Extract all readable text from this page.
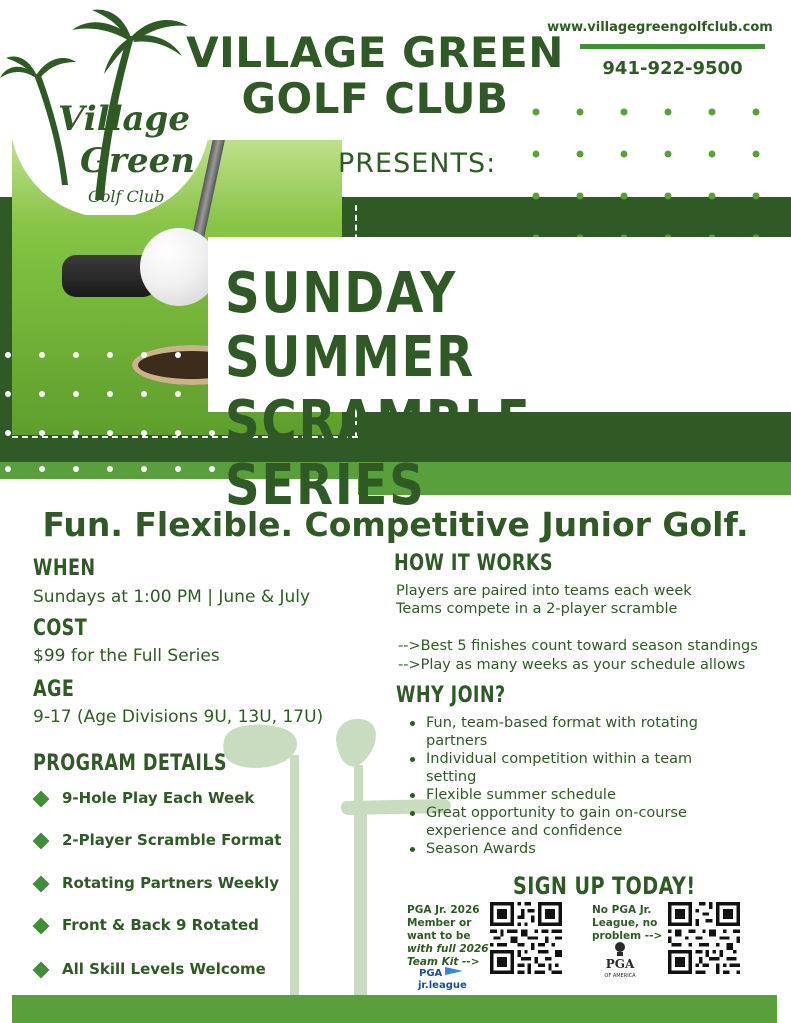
SUNDAY SUMMER
SCRAMBLE SERIES
Village
Green
Golf Club
VILLAGE GREEN
GOLF CLUB
www.villagegreengolfclub.com
941-922-9500
PRESENTS:
Fun. Flexible. Competitive Junior Golf.
WHEN
Sundays at 1:00 PM | June & July
COST
$99 for the Full Series
AGE
9-17 (Age Divisions 9U, 13U, 17U)
PROGRAM DETAILS
9-Hole Play Each Week
2-Player Scramble Format
Rotating Partners Weekly
Front & Back 9 Rotated
All Skill Levels Welcome
HOW IT WORKS
Players are paired into teams each week
Teams compete in a 2-player scramble
-->Best 5 finishes count toward season standings
-->Play as many weeks as your schedule allows
WHY JOIN?
Fun, team-based format with rotating partners
Individual competition within a team setting
Flexible summer schedule
Great opportunity to gain on-course experience and confidence
Season Awards
SIGN UP TODAY!
PGA Jr. 2026
Member or
want to be
with full 2026
Team Kit -->
PGA
jr.league
No PGA Jr.
League, no
problem -->
PGA
OF AMERICA
